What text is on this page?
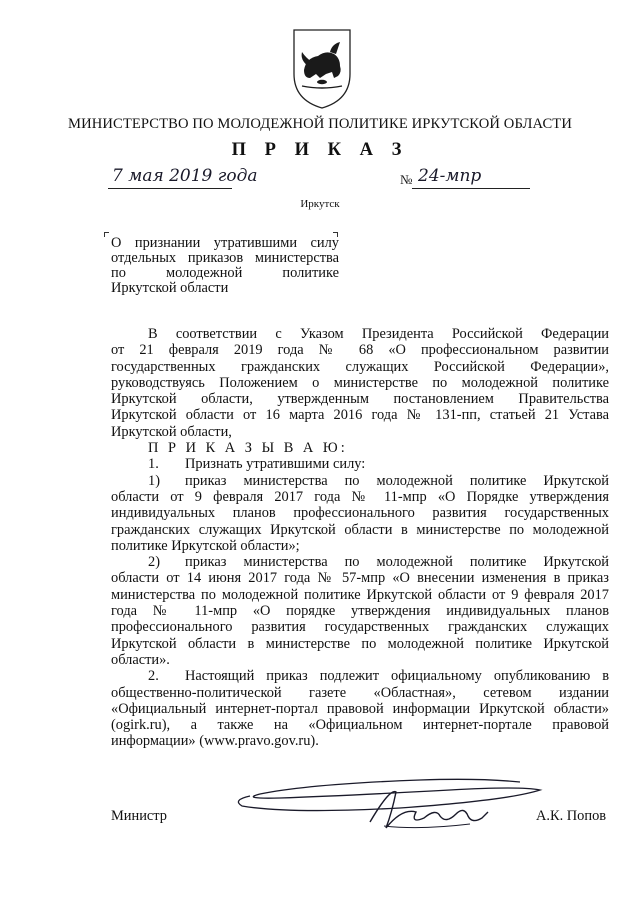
МИНИСТЕРСТВО ПО МОЛОДЕЖНОЙ ПОЛИТИКЕ ИРКУТСКОЙ ОБЛАСТИ
П Р И К А З
7 мая 2019 года	№ 24-мпр
Иркутск
О признании утратившими силу
отдельных приказов министерства
по молодежной политике
Иркутской области
В соответствии с Указом Президента Российской Федерации
от 21 февраля 2019 года № 68 «О профессиональном развитии
государственных гражданских служащих Российской Федерации»,
руководствуясь Положением о министерстве по молодежной политике
Иркутской области, утвержденным постановлением Правительства
Иркутской области от 16 марта 2016 года № 131-пп, статьей 21 Устава
Иркутской области,
П Р И К А З Ы В А Ю:
1. Признать утратившими силу:
1) приказ министерства по молодежной политике Иркутской
области от 9 февраля 2017 года № 11-мпр «О Порядке утверждения
индивидуальных планов профессионального развития государственных
гражданских служащих Иркутской области в министерстве по молодежной
политике Иркутской области»;
2) приказ министерства по молодежной политике Иркутской
области от 14 июня 2017 года № 57-мпр «О внесении изменения в приказ
министерства по молодежной политике Иркутской области от 9 февраля 2017
года № 11-мпр «О порядке утверждения индивидуальных планов
профессионального развития государственных гражданских служащих
Иркутской области в министерстве по молодежной политике Иркутской
области».
2. Настоящий приказ подлежит официальному опубликованию в
общественно-политической газете «Областная», сетевом издании
«Официальный интернет-портал правовой информации Иркутской области»
(ogirk.ru), а также на «Официальном интернет-портале правовой
информации» (www.pravo.gov.ru).
Министр	А.К. Попов
